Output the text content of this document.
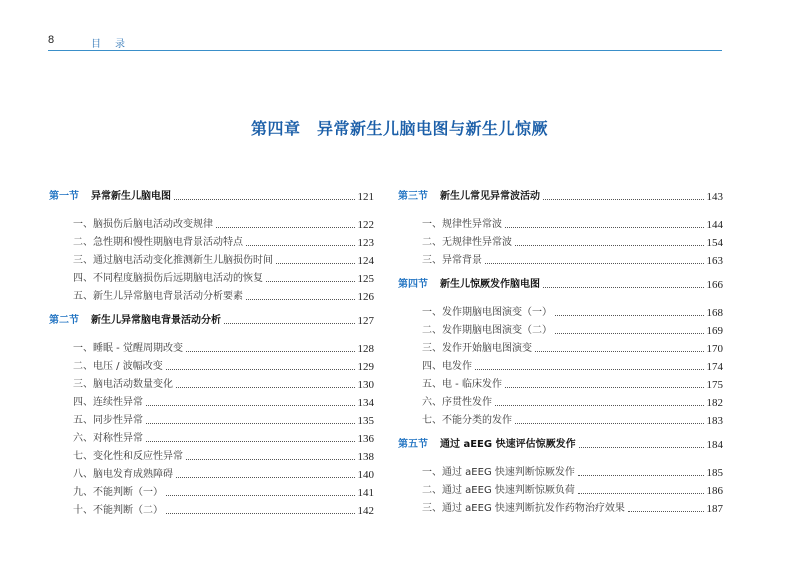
8	目录
第四章　异常新生儿脑电图与新生儿惊厥
第一节 异常新生儿脑电图	121
一、脑损伤后脑电活动改变规律	122
二、急性期和慢性期脑电背景活动特点	123
三、通过脑电活动变化推测新生儿脑损伤时间	124
四、不同程度脑损伤后远期脑电活动的恢复	125
五、新生儿异常脑电背景活动分析要素	126
第二节 新生儿异常脑电背景活动分析	127
一、睡眠 - 觉醒周期改变	128
二、电压 / 波幅改变	129
三、脑电活动数量变化	130
四、连续性异常	134
五、同步性异常	135
六、对称性异常	136
七、变化性和反应性异常	138
八、脑电发育成熟障碍	140
九、不能判断（一）	141
十、不能判断（二）	142
第三节 新生儿常见异常波活动	143
一、规律性异常波	144
二、无规律性异常波	154
三、异常背景	163
第四节 新生儿惊厥发作脑电图	166
一、发作期脑电图演变（一）	168
二、发作期脑电图演变（二）	169
三、发作开始脑电图演变	170
四、电发作	174
五、电 - 临床发作	175
六、序贯性发作	182
七、不能分类的发作	183
第五节 通过 aEEG 快速评估惊厥发作	184
一、通过 aEEG 快速判断惊厥发作	185
二、通过 aEEG 快速判断惊厥负荷	186
三、通过 aEEG 快速判断抗发作药物治疗效果	187
